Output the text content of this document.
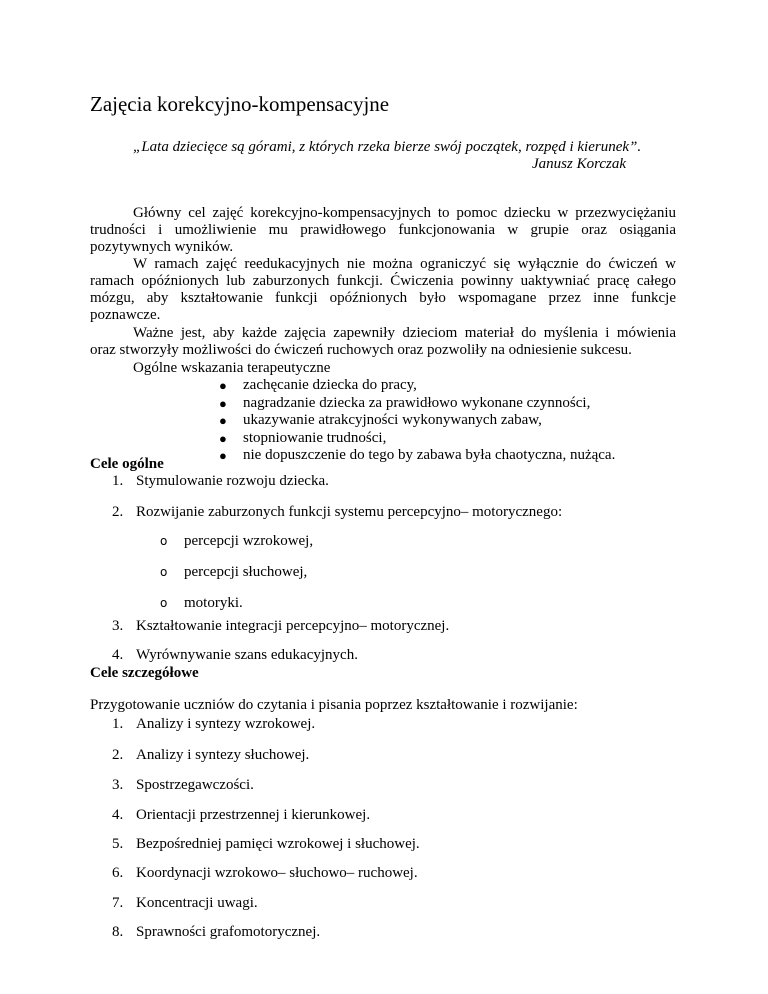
Zajęcia korekcyjno-kompensacyjne
„Lata dziecięce są górami, z których rzeka bierze swój początek, rozpęd i kierunek”.
Janusz Korczak
Główny cel zajęć korekcyjno-kompensacyjnych to pomoc dziecku w przezwyciężaniu
trudności i umożliwienie mu prawidłowego funkcjonowania w grupie oraz osiągania
pozytywnych wyników.
W ramach zajęć reedukacyjnych nie można ograniczyć się wyłącznie do ćwiczeń w
ramach opóźnionych lub zaburzonych funkcji. Ćwiczenia powinny uaktywniać pracę całego
mózgu, aby kształtowanie funkcji opóźnionych było wspomagane przez inne funkcje
poznawcze.
Ważne jest, aby każde zajęcia zapewniły dzieciom materiał do myślenia i mówienia
oraz stworzyły możliwości do ćwiczeń ruchowych oraz pozwoliły na odniesienie sukcesu.
Ogólne wskazania terapeutyczne
● zachęcanie dziecka do pracy,
● nagradzanie dziecka za prawidłowo wykonane czynności,
● ukazywanie atrakcyjności wykonywanych zabaw,
● stopniowanie trudności,
● nie dopuszczenie do tego by zabawa była chaotyczna, nużąca.
Cele ogólne
1. Stymulowanie rozwoju dziecka.
2. Rozwijanie zaburzonych funkcji systemu percepcyjno– motorycznego:
o percepcji wzrokowej,
o percepcji słuchowej,
o motoryki.
3. Kształtowanie integracji percepcyjno– motorycznej.
4. Wyrównywanie szans edukacyjnych.
Cele szczegółowe
Przygotowanie uczniów do czytania i pisania poprzez kształtowanie i rozwijanie:
1. Analizy i syntezy wzrokowej.
2. Analizy i syntezy słuchowej.
3. Spostrzegawczości.
4. Orientacji przestrzennej i kierunkowej.
5. Bezpośredniej pamięci wzrokowej i słuchowej.
6. Koordynacji wzrokowo– słuchowo– ruchowej.
7. Koncentracji uwagi.
8. Sprawności grafomotorycznej.
